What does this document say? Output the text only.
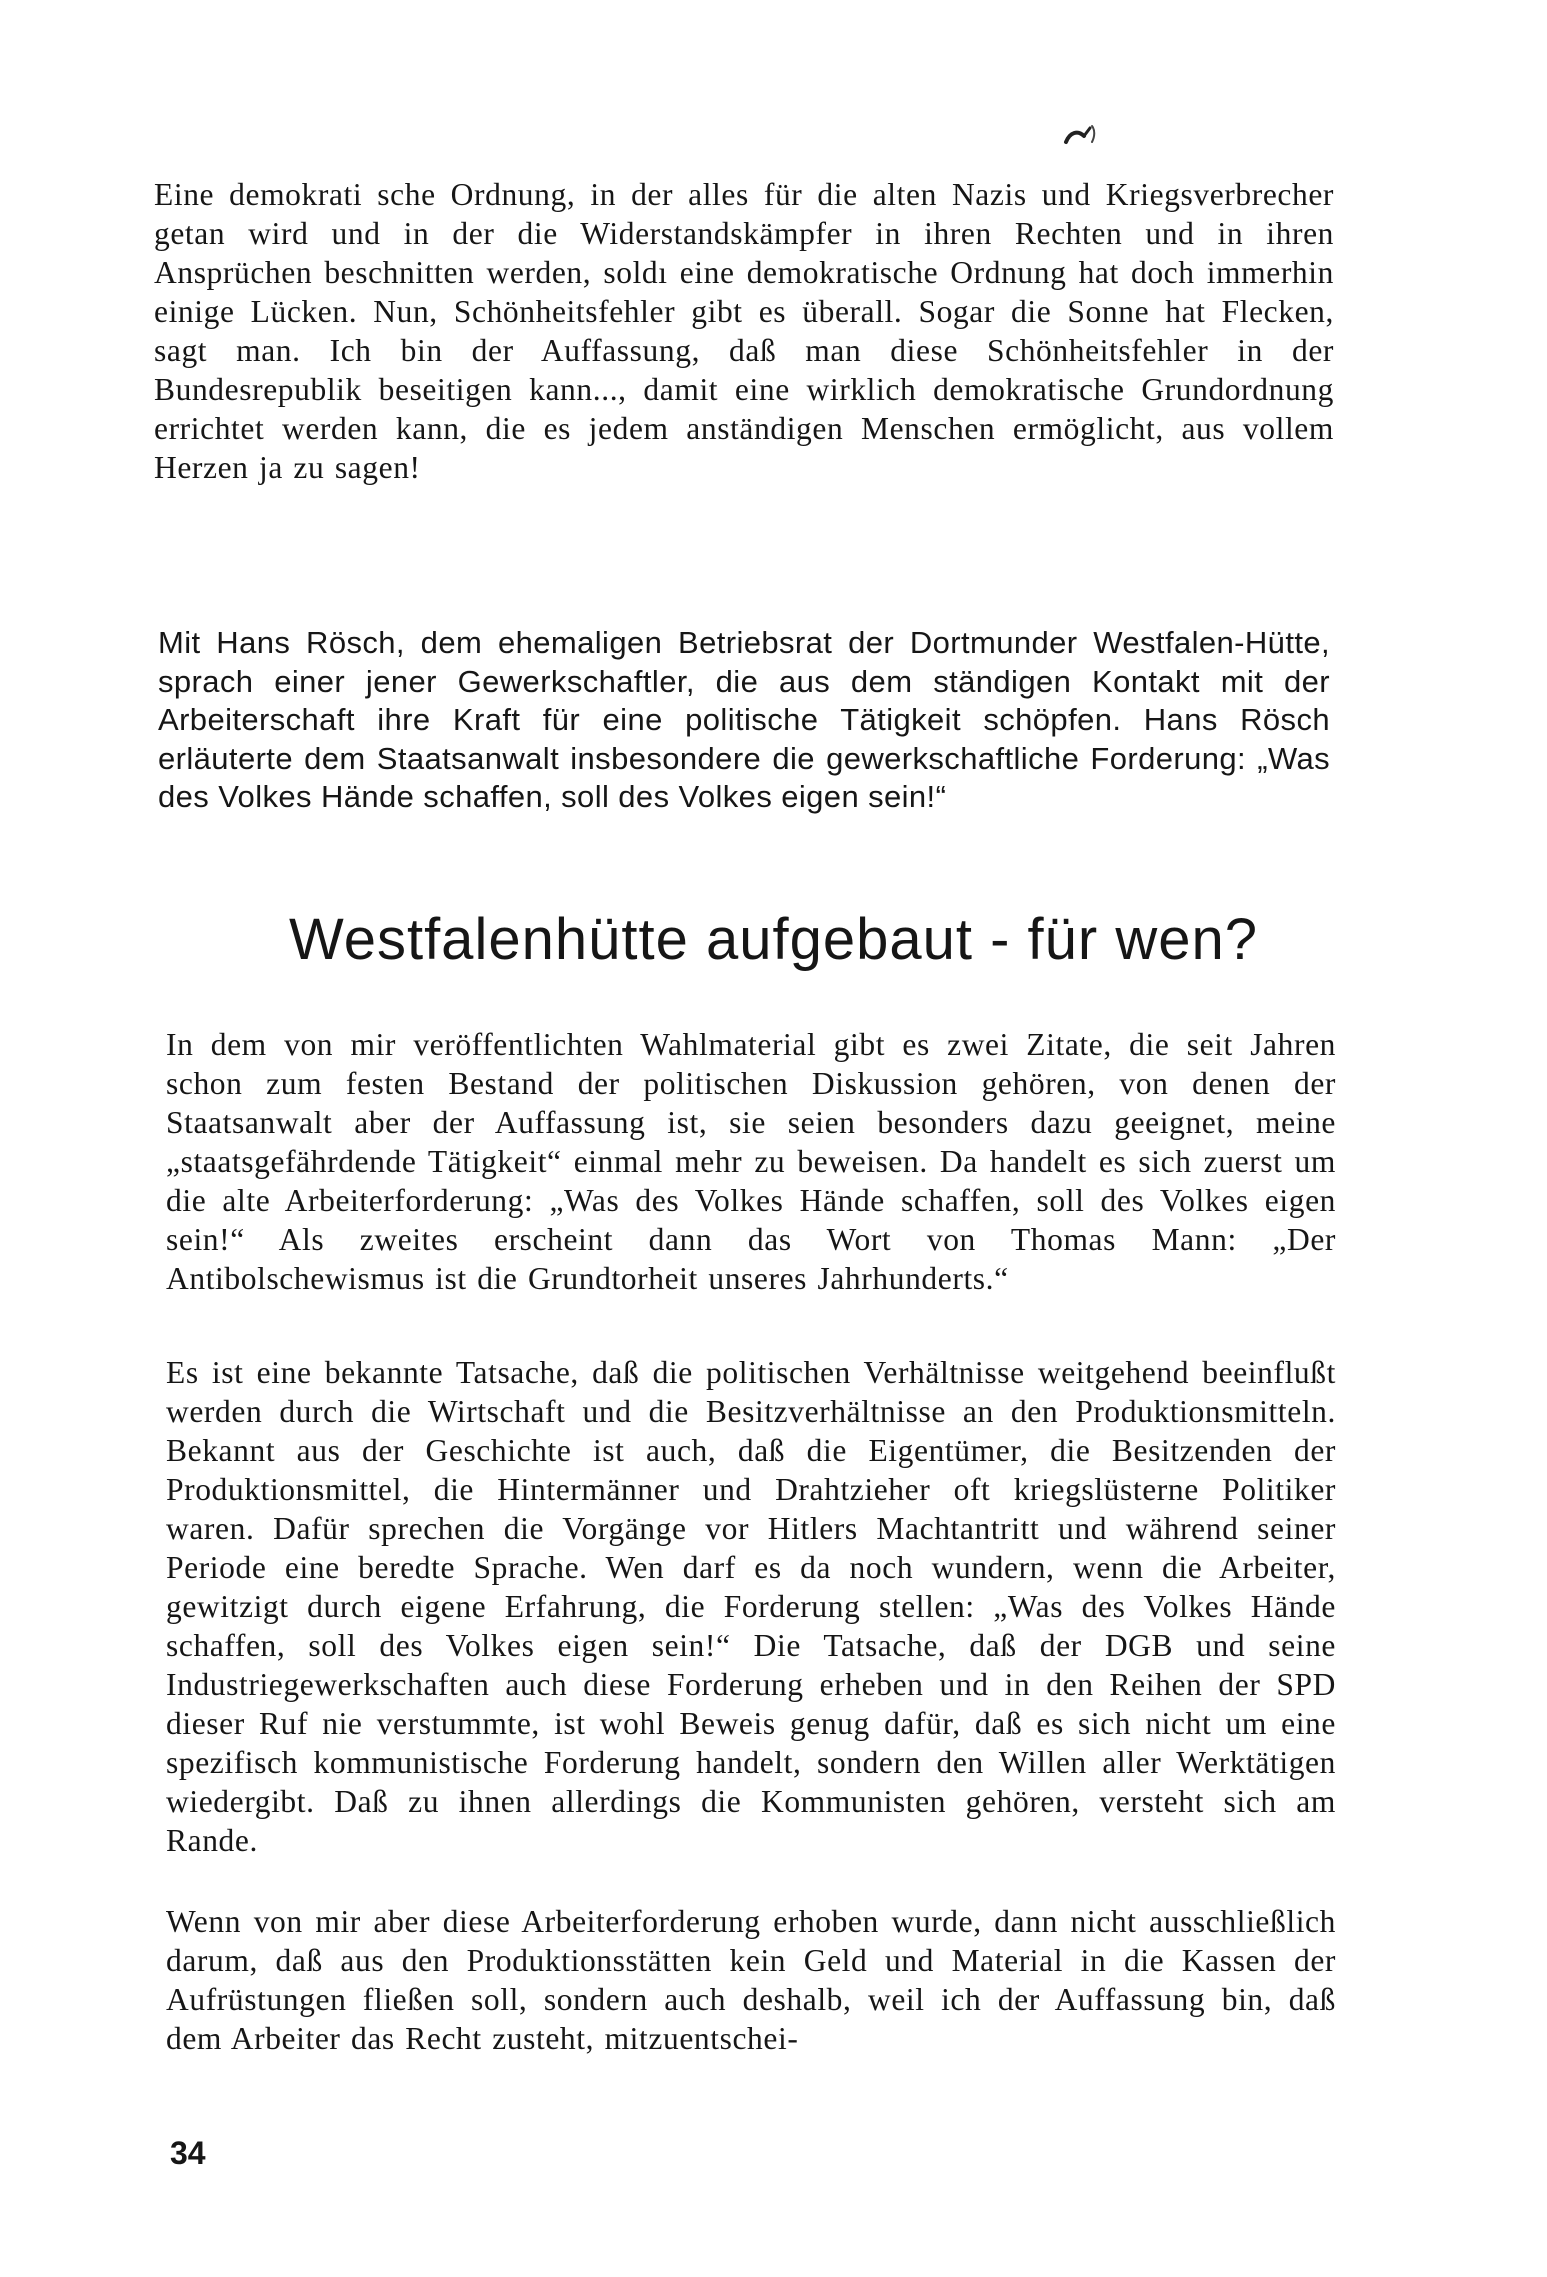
Eine demokrati sche Ordnung, in der alles für die alten Nazis und Kriegsverbrecher getan wird und in der die Widerstandskämpfer in ihren Rechten und in ihren Ansprüchen beschnitten werden, soldı eine demokratische Ordnung hat doch immerhin einige Lücken. Nun, Schönheitsfehler gibt es überall. Sogar die Sonne hat Flecken, sagt man. Ich bin der Auffassung, daß man diese Schönheitsfehler in der Bundesrepublik beseitigen kann..., damit eine wirklich demokratische Grundordnung errichtet werden kann, die es jedem anständigen Menschen ermöglicht, aus vollem Herzen ja zu sagen!

Mit Hans Rösch, dem ehemaligen Betriebsrat der Dortmunder Westfalen-Hütte, sprach einer jener Gewerkschaftler, die aus dem ständigen Kontakt mit der Arbeiterschaft ihre Kraft für eine politische Tätigkeit schöpfen. Hans Rösch erläuterte dem Staatsanwalt insbesondere die gewerkschaftliche Forderung: „Was des Volkes Hände schaffen, soll des Volkes eigen sein!“

Westfalenhütte aufgebaut - für wen?

In dem von mir veröffentlichten Wahlmaterial gibt es zwei Zitate, die seit Jahren schon zum festen Bestand der politischen Diskussion gehören, von denen der Staatsanwalt aber der Auffassung ist, sie seien besonders dazu geeignet, meine „staatsgefährdende Tätigkeit“ einmal mehr zu beweisen. Da handelt es sich zuerst um die alte Arbeiterforderung: „Was des Volkes Hände schaffen, soll des Volkes eigen sein!“ Als zweites erscheint dann das Wort von Thomas Mann: „Der Antibolschewismus ist die Grundtorheit unseres Jahrhunderts.“

Es ist eine bekannte Tatsache, daß die politischen Verhältnisse weitgehend beeinflußt werden durch die Wirtschaft und die Besitzverhältnisse an den Produktionsmitteln. Bekannt aus der Geschichte ist auch, daß die Eigentümer, die Besitzenden der Produktionsmittel, die Hintermänner und Drahtzieher oft kriegslüsterne Politiker waren. Dafür sprechen die Vorgänge vor Hitlers Machtantritt und während seiner Periode eine beredte Sprache. Wen darf es da noch wundern, wenn die Arbeiter, gewitzigt durch eigene Erfahrung, die Forderung stellen: „Was des Volkes Hände schaffen, soll des Volkes eigen sein!“ Die Tatsache, daß der DGB und seine Industriegewerkschaften auch diese Forderung erheben und in den Reihen der SPD dieser Ruf nie verstummte, ist wohl Beweis genug dafür, daß es sich nicht um eine spezifisch kommunistische Forderung handelt, sondern den Willen aller Werktätigen wiedergibt. Daß zu ihnen allerdings die Kommunisten gehören, versteht sich am Rande.

Wenn von mir aber diese Arbeiterforderung erhoben wurde, dann nicht ausschließlich darum, daß aus den Produktionsstätten kein Geld und Material in die Kassen der Aufrüstungen fließen soll, sondern auch deshalb, weil ich der Auffassung bin, daß dem Arbeiter das Recht zusteht, mitzuentschei-

34
